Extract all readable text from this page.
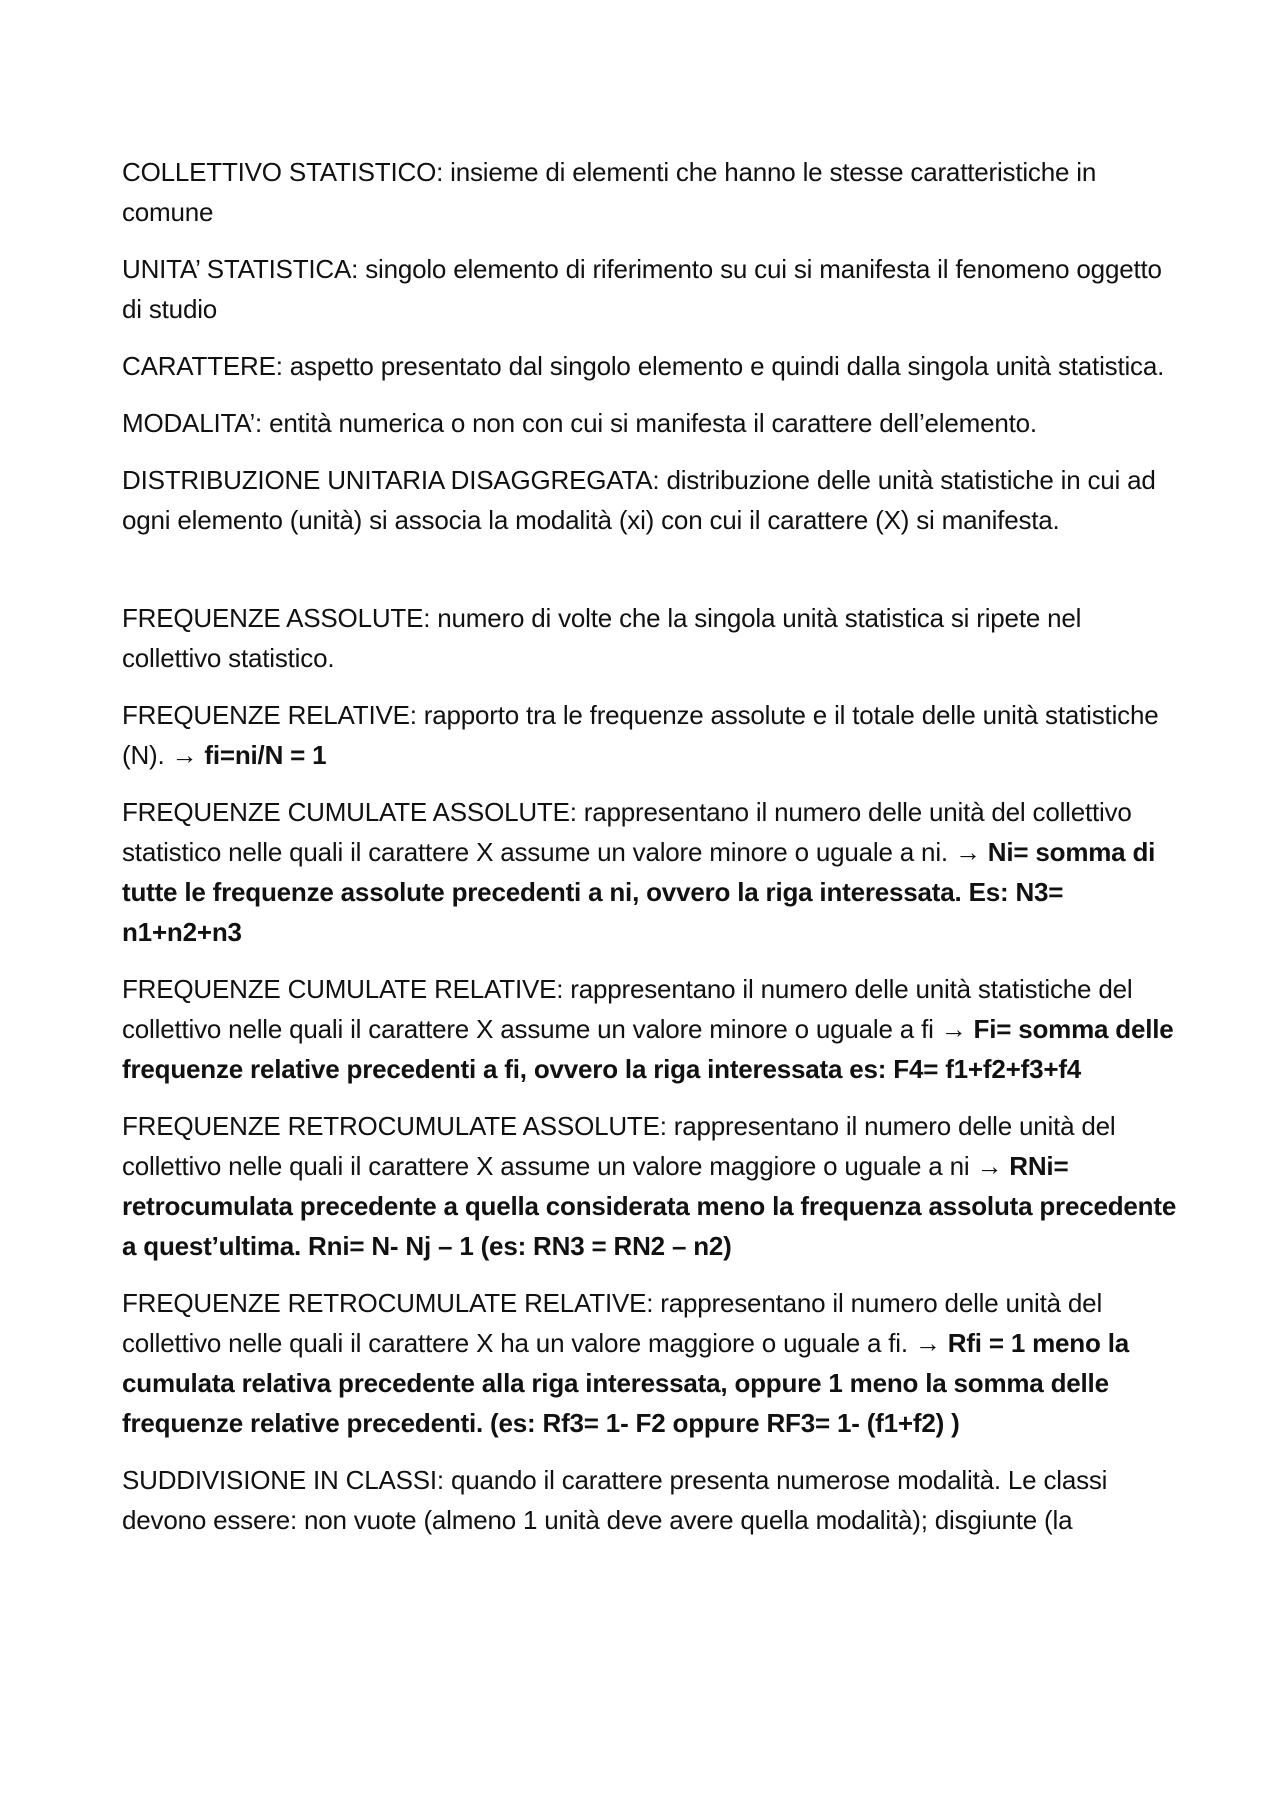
COLLETTIVO STATISTICO: insieme di elementi che hanno le stesse caratteristiche in comune

UNITA’ STATISTICA: singolo elemento di riferimento su cui si manifesta il fenomeno oggetto di studio

CARATTERE: aspetto presentato dal singolo elemento e quindi dalla singola unità statistica.

MODALITA’: entità numerica o non con cui si manifesta il carattere dell’elemento.

DISTRIBUZIONE UNITARIA DISAGGREGATA: distribuzione delle unità statistiche in cui ad ogni elemento (unità) si associa la modalità (xi) con cui il carattere (X) si manifesta.

FREQUENZE ASSOLUTE: numero di volte che la singola unità statistica si ripete nel collettivo statistico.

FREQUENZE RELATIVE: rapporto tra le frequenze assolute e il totale delle unità statistiche (N). → fi=ni/N = 1

FREQUENZE CUMULATE ASSOLUTE: rappresentano il numero delle unità del collettivo statistico nelle quali il carattere X assume un valore minore o uguale a ni. → Ni= somma di tutte le frequenze assolute precedenti a ni, ovvero la riga interessata. Es: N3= n1+n2+n3

FREQUENZE CUMULATE RELATIVE: rappresentano il numero delle unità statistiche del collettivo nelle quali il carattere X assume un valore minore o uguale a fi → Fi= somma delle frequenze relative precedenti a fi, ovvero la riga interessata es: F4= f1+f2+f3+f4

FREQUENZE RETROCUMULATE ASSOLUTE: rappresentano il numero delle unità del collettivo nelle quali il carattere X assume un valore maggiore o uguale a ni → RNi= retrocumulata precedente a quella considerata meno la frequenza assoluta precedente a quest’ultima. Rni= N- Nj – 1 (es: RN3 = RN2 – n2)

FREQUENZE RETROCUMULATE RELATIVE: rappresentano il numero delle unità del collettivo nelle quali il carattere X ha un valore maggiore o uguale a fi. → Rfi = 1 meno la cumulata relativa precedente alla riga interessata, oppure 1 meno la somma delle frequenze relative precedenti. (es: Rf3= 1- F2 oppure RF3= 1- (f1+f2) )

SUDDIVISIONE IN CLASSI: quando il carattere presenta numerose modalità. Le classi devono essere: non vuote (almeno 1 unità deve avere quella modalità); disgiunte (la
